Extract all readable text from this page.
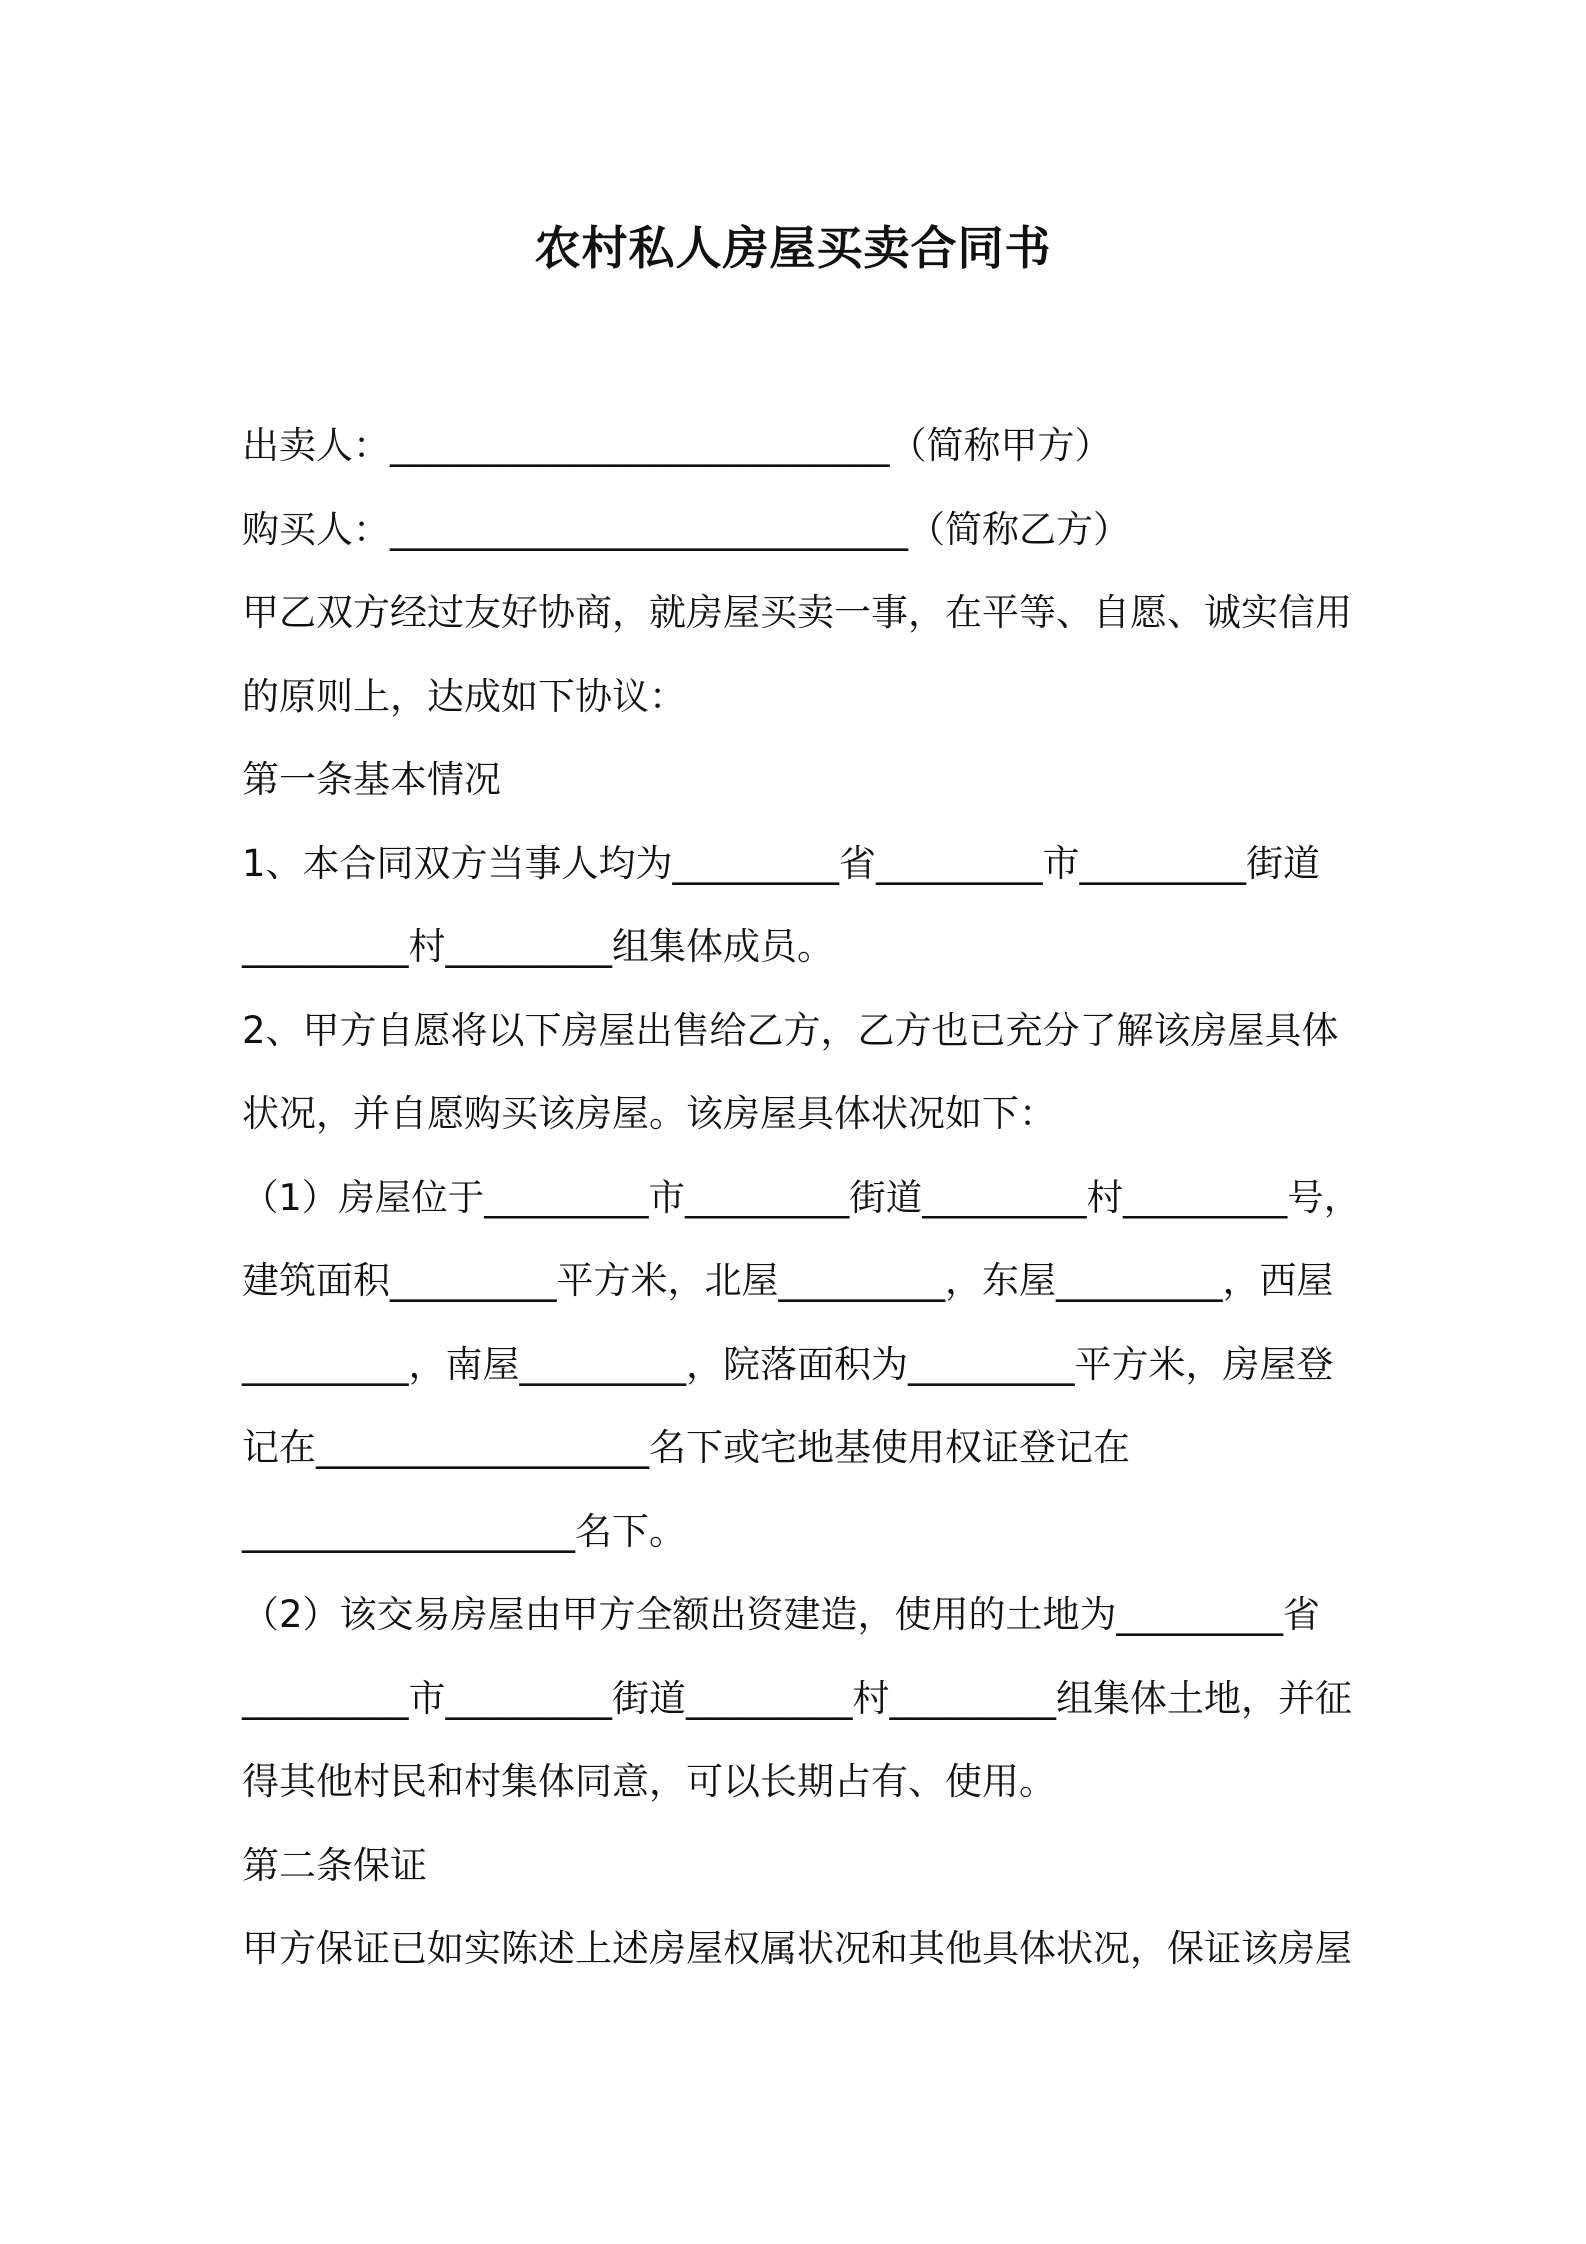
农村私人房屋买卖合同书
出卖人：___________________________（简称甲方）
购买人：____________________________（简称乙方）
甲乙双方经过友好协商，就房屋买卖一事，在平等、自愿、诚实信用
的原则上，达成如下协议：
第一条基本情况
1、本合同双方当事人均为_________省_________市_________街道
_________村_________组集体成员。
2、甲方自愿将以下房屋出售给乙方，乙方也已充分了解该房屋具体
状况，并自愿购买该房屋。该房屋具体状况如下：
（1）房屋位于_________市_________街道_________村_________号，
建筑面积_________平方米，北屋_________，东屋_________，西屋
_________，南屋_________，院落面积为_________平方米，房屋登
记在__________________名下或宅地基使用权证登记在
__________________名下。
（2）该交易房屋由甲方全额出资建造，使用的土地为_________省
_________市_________街道_________村_________组集体土地，并征
得其他村民和村集体同意，可以长期占有、使用。
第二条保证
甲方保证已如实陈述上述房屋权属状况和其他具体状况，保证该房屋
